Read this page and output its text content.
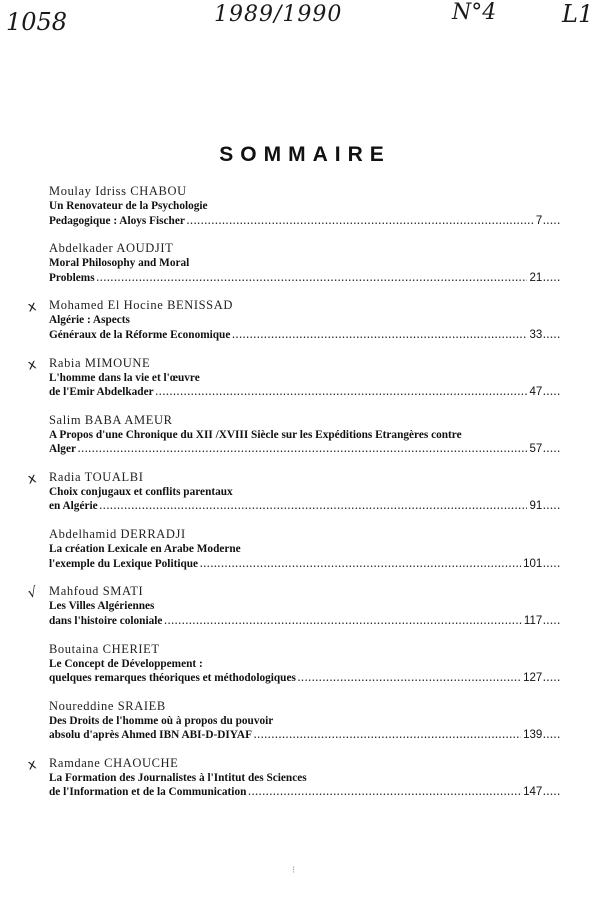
1058	1989/1990	N°4	L1
SOMMAIRE
Moulay Idriss CHABOU
Un Renovateur de la Psychologie
Pedagogique : Aloys Fischer .....	7 .....
Abdelkader AOUDJIT
Moral Philosophy and Moral
Problems .....	21 .....
x Mohamed El Hocine BENISSAD
Algérie : Aspects
Généraux de la Réforme Economique .....	33 .....
x Rabia MIMOUNE
L'homme dans la vie et l'œuvre
de l'Emir Abdelkader .....	47 .....
Salim BABA AMEUR
A Propos d'une Chronique du XII /XVIII Siècle sur les Expéditions Etrangères contre
Alger .....	57 .....
x Radia TOUALBI
Choix conjugaux et conflits parentaux
en Algérie .....	91 .....
Abdelhamid DERRADJI
La création Lexicale en Arabe Moderne
l'exemple du Lexique Politique .....	101 .....
√ Mahfoud SMATI
Les Villes Algériennes
dans l'histoire coloniale .....	117 .....
Boutaina CHERIET
Le Concept de Développement :
quelques remarques théoriques et méthodologiques .....	127 .....
Noureddine SRAIEB
Des Droits de l'homme où à propos du pouvoir
absolu d'après Ahmed IBN ABI-D-DIYAF .....	139 .....
x Ramdane CHAOUCHE
La Formation des Journalistes à l'Intitut des Sciences
de l'Information et de la Communication .....	147 .....
⁝
